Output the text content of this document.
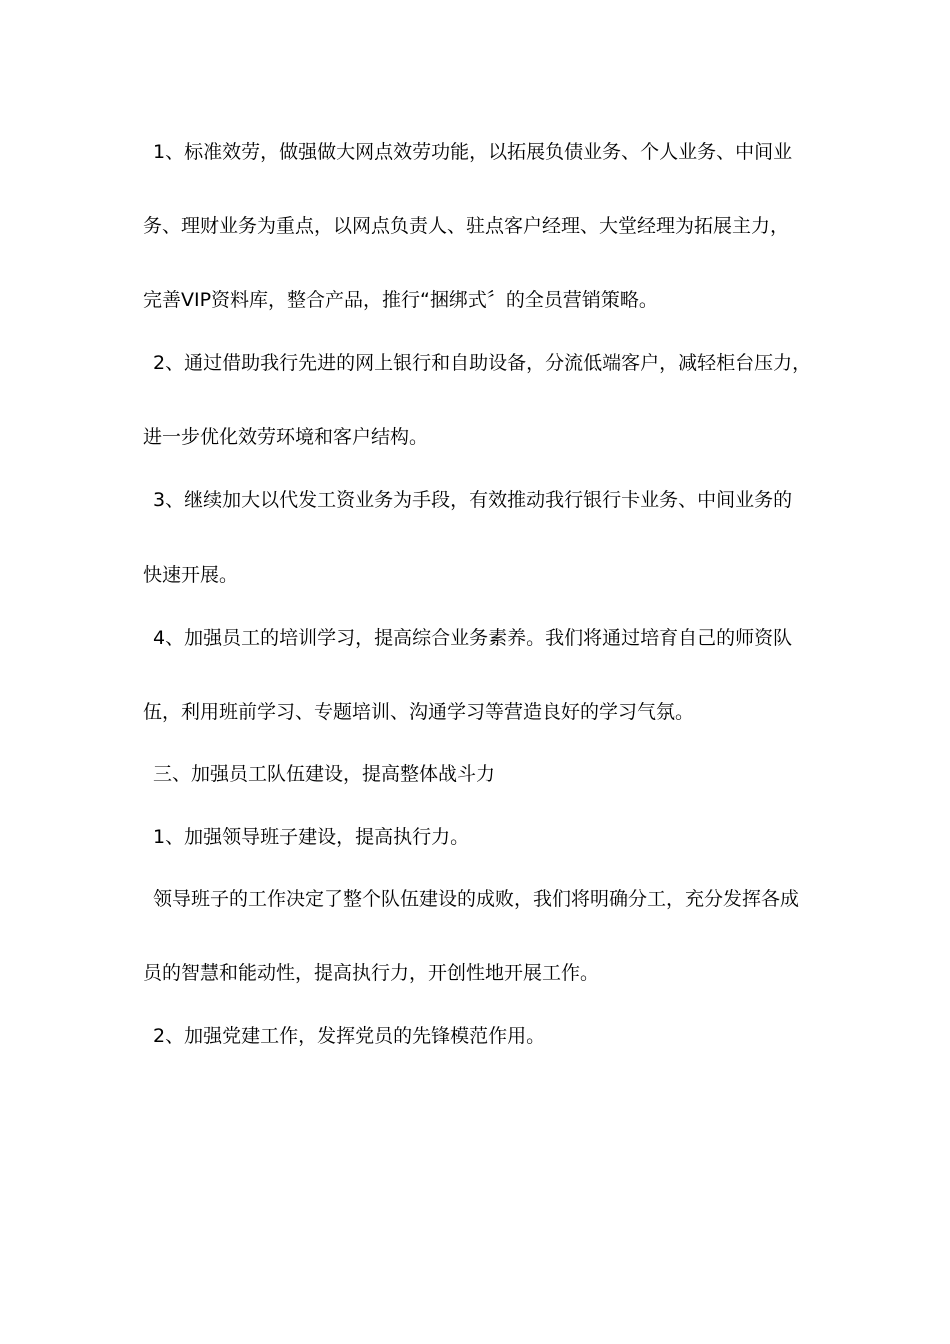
1、标准效劳，做强做大网点效劳功能，以拓展负债业务、个人业务、中间业
务、理财业务为重点，以网点负责人、驻点客户经理、大堂经理为拓展主力，
完善VIP资料库，整合产品，推行“捆绑式〞的全员营销策略。
2、通过借助我行先进的网上银行和自助设备，分流低端客户，减轻柜台压力，
进一步优化效劳环境和客户结构。
3、继续加大以代发工资业务为手段，有效推动我行银行卡业务、中间业务的
快速开展。
4、加强员工的培训学习，提高综合业务素养。我们将通过培育自己的师资队
伍，利用班前学习、专题培训、沟通学习等营造良好的学习气氛。
三、加强员工队伍建设，提高整体战斗力
1、加强领导班子建设，提高执行力。
领导班子的工作决定了整个队伍建设的成败，我们将明确分工，充分发挥各成
员的智慧和能动性，提高执行力，开创性地开展工作。
2、加强党建工作，发挥党员的先锋模范作用。
